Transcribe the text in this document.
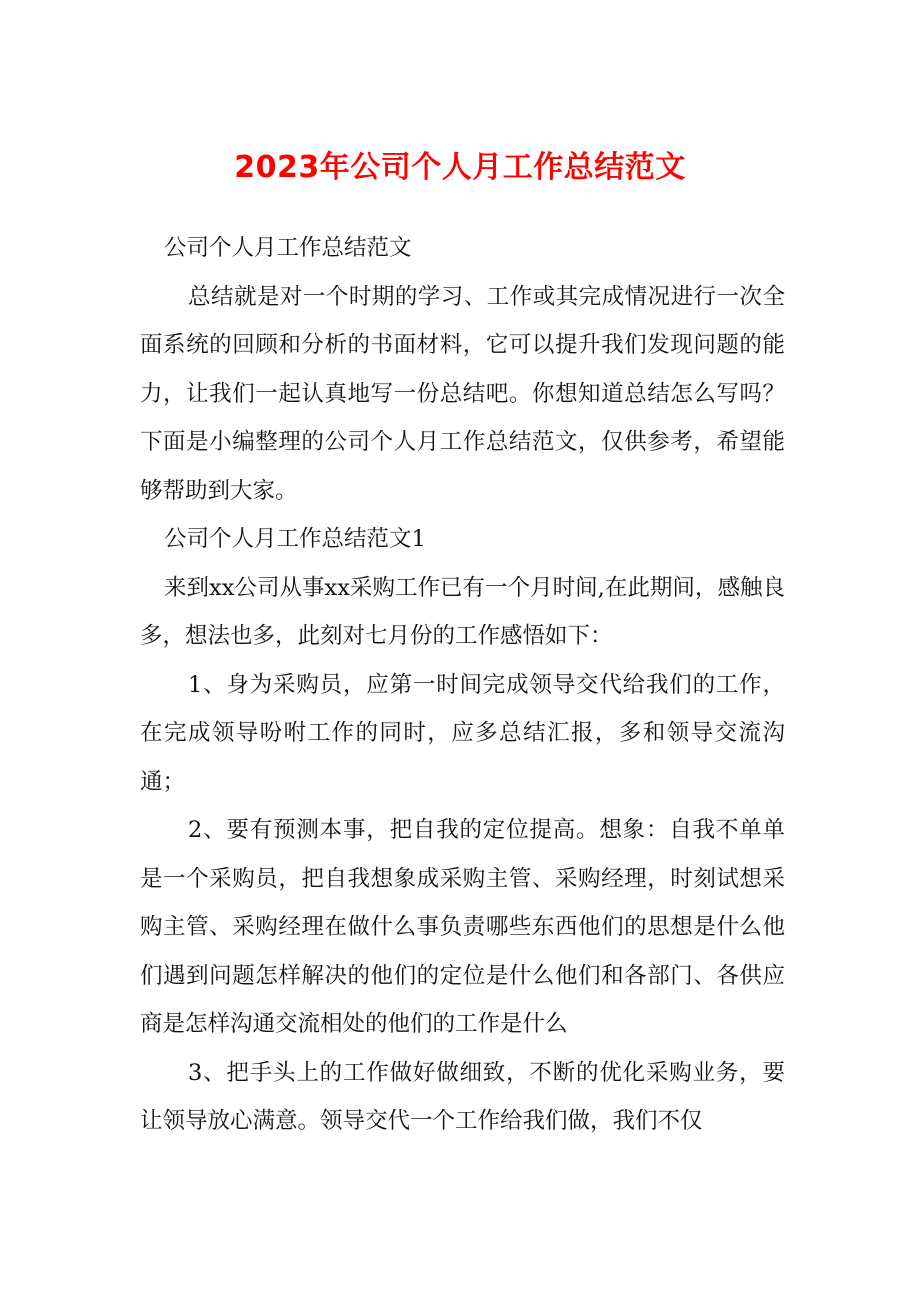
2023年公司个人月工作总结范文

公司个人月工作总结范文

总结就是对一个时期的学习、工作或其完成情况进行一次全面系统的回顾和分析的书面材料，它可以提升我们发现问题的能力，让我们一起认真地写一份总结吧。你想知道总结怎么写吗？下面是小编整理的公司个人月工作总结范文，仅供参考，希望能够帮助到大家。

公司个人月工作总结范文1

来到xx公司从事xx采购工作已有一个月时间,在此期间，感触良多，想法也多，此刻对七月份的工作感悟如下：

1、身为采购员，应第一时间完成领导交代给我们的工作，在完成领导吩咐工作的同时，应多总结汇报，多和领导交流沟通；

2、要有预测本事，把自我的定位提高。想象：自我不单单是一个采购员，把自我想象成采购主管、采购经理，时刻试想采购主管、采购经理在做什么事负责哪些东西他们的思想是什么他们遇到问题怎样解决的他们的定位是什么他们和各部门、各供应商是怎样沟通交流相处的他们的工作是什么

3、把手头上的工作做好做细致，不断的优化采购业务，要让领导放心满意。领导交代一个工作给我们做，我们不仅
